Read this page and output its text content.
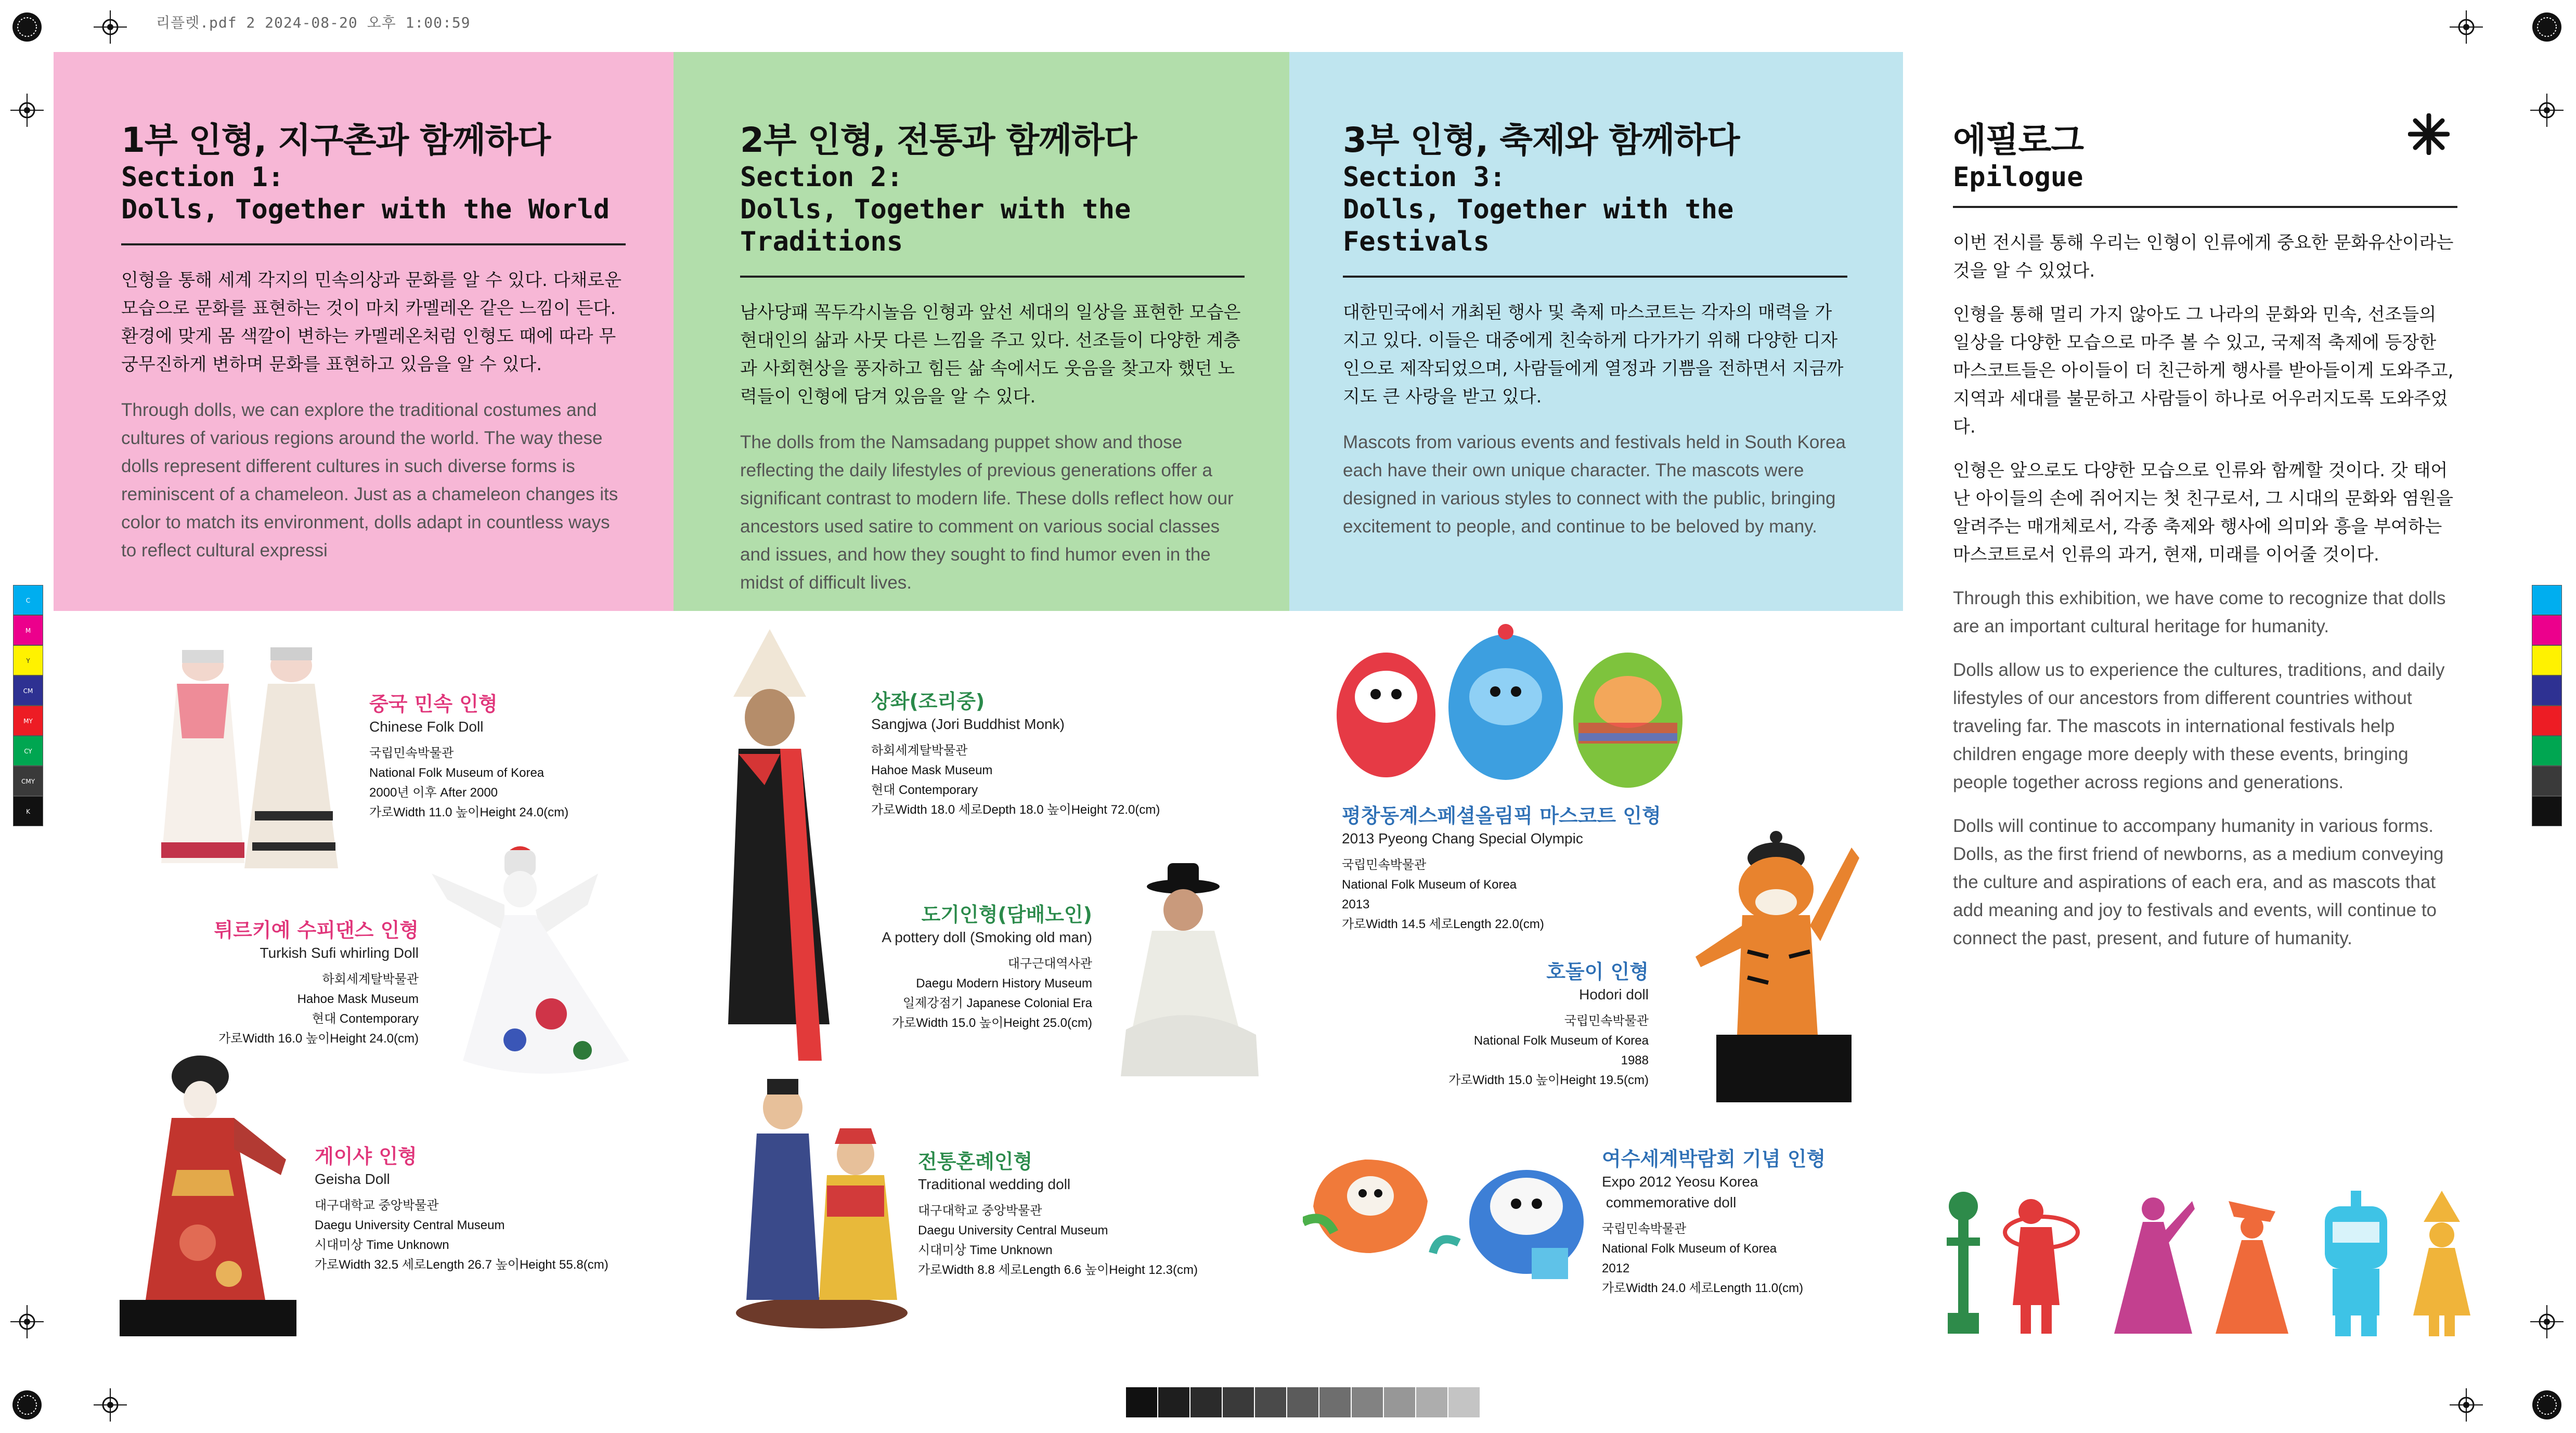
리플렛.pdf 2 2024-08-20 오후 1:00:59
1부 인형, 지구촌과 함께하다

Section 1:

Dolls, Together with the World

인형을 통해 세계 각지의 민속의상과 문화를 알 수 있다. 다채로운 모습으로 문화를 표현하는 것이 마치 카멜레온 같은 느낌이 든다. 환경에 맞게 몸 색깔이 변하는 카멜레온처럼 인형도 때에 따라 무궁무진하게 변하며 문화를 표현하고 있음을 알 수 있다.

Through dolls, we can explore the traditional costumes and cultures of various regions around the world. The way these dolls represent different cultures in such diverse forms is reminiscent of a chameleon. Just as a chameleon changes its color to match its environment, dolls adapt in countless ways to reflect cultural expressi

2부 인형, 전통과 함께하다

Section 2:

Dolls, Together with the Traditions

남사당패 꼭두각시놀음 인형과 앞선 세대의 일상을 표현한 모습은 현대인의 삶과 사뭇 다른 느낌을 주고 있다. 선조들이 다양한 계층과 사회현상을 풍자하고 힘든 삶 속에서도 웃음을 찾고자 했던 노력들이 인형에 담겨 있음을 알 수 있다.

The dolls from the Namsadang puppet show and those reflecting the daily lifestyles of previous generations offer a significant contrast to modern life. These dolls reflect how our ancestors used satire to comment on various social classes and issues, and how they sought to find humor even in the midst of difficult lives.

3부 인형, 축제와 함께하다

Section 3:

Dolls, Together with the Festivals

대한민국에서 개최된 행사 및 축제 마스코트는 각자의 매력을 가지고 있다. 이들은 대중에게 친숙하게 다가가기 위해 다양한 디자인으로 제작되었으며, 사람들에게 열정과 기쁨을 전하면서 지금까지도 큰 사랑을 받고 있다.

Mascots from various events and festivals held in South Korea each have their own unique character. The mascots were designed in various styles to connect with the public, bringing excitement to people, and continue to be beloved by many.

에필로그

Epilogue

이번 전시를 통해 우리는 인형이 인류에게 중요한 문화유산이라는 것을 알 수 있었다.

인형을 통해 멀리 가지 않아도 그 나라의 문화와 민속, 선조들의 일상을 다양한 모습으로 마주 볼 수 있고, 국제적 축제에 등장한 마스코트들은 아이들이 더 친근하게 행사를 받아들이게 도와주고, 지역과 세대를 불문하고 사람들이 하나로 어우러지도록 도와주었다.

인형은 앞으로도 다양한 모습으로 인류와 함께할 것이다. 갓 태어난 아이들의 손에 쥐어지는 첫 친구로서, 그 시대의 문화와 염원을 알려주는 매개체로서, 각종 축제와 행사에 의미와 흥을 부여하는 마스코트로서 인류의 과거, 현재, 미래를 이어줄 것이다.

Through this exhibition, we have come to recognize that dolls are an important cultural heritage for humanity.

Dolls allow us to experience the cultures, traditions, and daily lifestyles of our ancestors from different countries without traveling far. The mascots in international festivals help children engage more deeply with these events, bringing people together across regions and generations.

Dolls will continue to accompany humanity in various forms. Dolls, as the first friend of newborns, as a medium conveying the culture and aspirations of each era, and as mascots that add meaning and joy to festivals and events, will continue to connect the past, present, and future of humanity.

C
M
Y
CM
MY
CY
CMY
K

중국 민속 인형

Chinese Folk Doll

국립민속박물관

National Folk Museum of Korea

2000년 이후 After 2000

가로Width 11.0 높이Height 24.0(cm)

튀르키예 수피댄스 인형

Turkish Sufi whirling Doll

하회세계탈박물관

Hahoe Mask Museum

현대 Contemporary

가로Width 16.0 높이Height 24.0(cm)

게이샤 인형

Geisha Doll

대구대학교 중앙박물관

Daegu University Central Museum

시대미상 Time Unknown

가로Width 32.5 세로Length 26.7 높이Height 55.8(cm)

상좌(조리중)

Sangjwa (Jori Buddhist Monk)

하회세계탈박물관

Hahoe Mask Museum

현대 Contemporary

가로Width 18.0 세로Depth 18.0 높이Height 72.0(cm)

도기인형(담배노인)

A pottery doll (Smoking old man)

대구근대역사관

Daegu Modern History Museum

일제강점기 Japanese Colonial Era

가로Width 15.0 높이Height 25.0(cm)

전통혼례인형

Traditional wedding doll

대구대학교 중앙박물관

Daegu University Central Museum

시대미상 Time Unknown

가로Width 8.8 세로Length 6.6 높이Height 12.3(cm)

평창동계스페셜올림픽 마스코트 인형

2013 Pyeong Chang Special Olympic

국립민속박물관

National Folk Museum of Korea

2013

가로Width 14.5 세로Length 22.0(cm)

호돌이 인형

Hodori doll

국립민속박물관

National Folk Museum of Korea

1988

가로Width 15.0 높이Height 19.5(cm)

여수세계박람회 기념 인형

Expo 2012 Yeosu Korea

commemorative doll

국립민속박물관

National Folk Museum of Korea

2012

가로Width 24.0 세로Length 11.0(cm)
